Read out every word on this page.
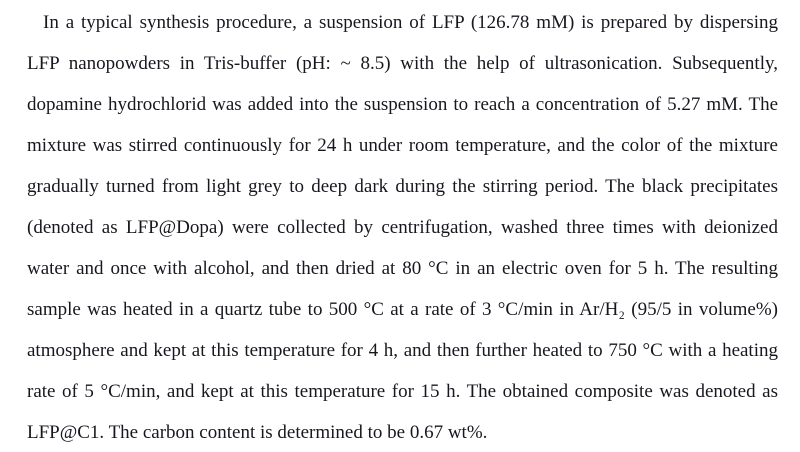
In a typical synthesis procedure, a suspension of LFP (126.78 mM) is prepared by dispersing
LFP nanopowders in Tris-buffer (pH: ~ 8.5) with the help of ultrasonication. Subsequently,
dopamine hydrochlorid was added into the suspension to reach a concentration of 5.27 mM. The
mixture was stirred continuously for 24 h under room temperature, and the color of the mixture
gradually turned from light grey to deep dark during the stirring period. The black precipitates
(denoted as LFP@Dopa) were collected by centrifugation, washed three times with deionized
water and once with alcohol, and then dried at 80 °C in an electric oven for 5 h. The resulting
sample was heated in a quartz tube to 500 °C at a rate of 3 °C/min in Ar/H₂ (95/5 in volume%)
atmosphere and kept at this temperature for 4 h, and then further heated to 750 °C with a heating
rate of 5 °C/min, and kept at this temperature for 15 h. The obtained composite was denoted as
LFP@C1. The carbon content is determined to be 0.67 wt%.
